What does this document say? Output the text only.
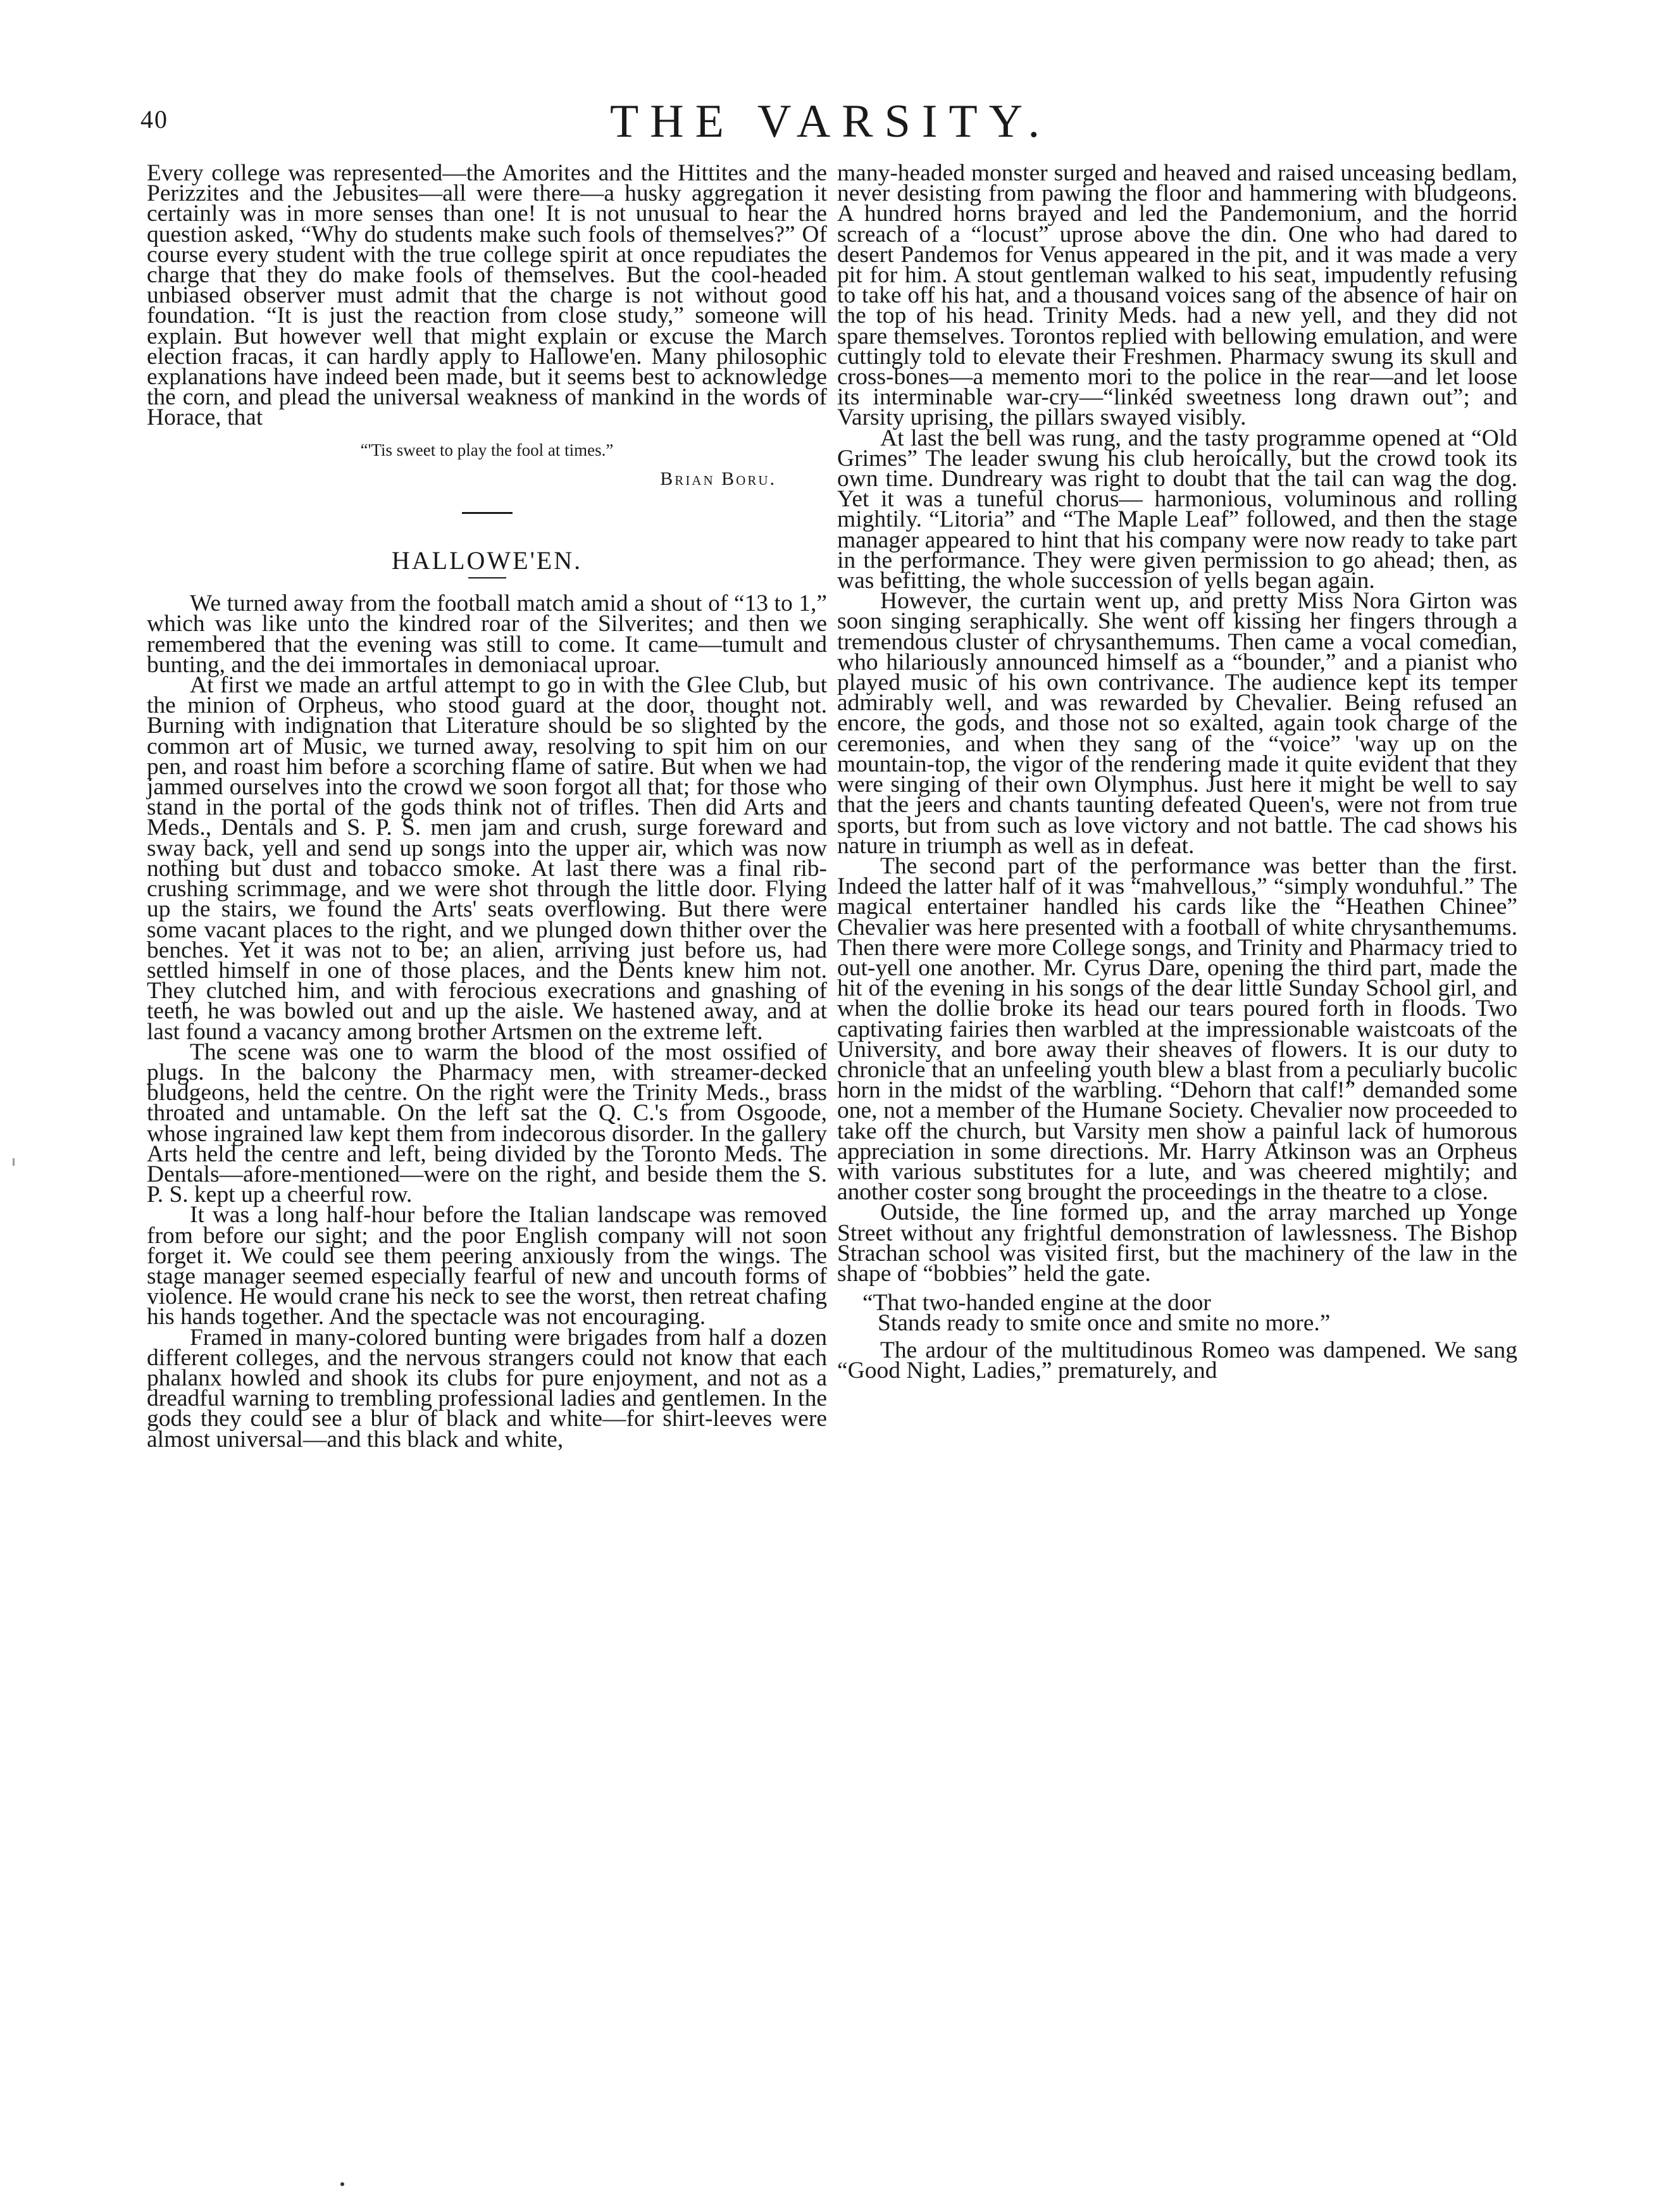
40	THE VARSITY.

Every college was represented—the Amorites and the Hittites and the Perizzites and the Jebusites—all were there—a husky aggregation it certainly was in more senses than one! It is not unusual to hear the question asked, “Why do students make such fools of themselves?” Of course every student with the true college spirit at once repudiates the charge that they do make fools of themselves. But the cool-headed unbiased observer must admit that the charge is not without good foundation. “It is just the reaction from close study,” someone will explain. But however well that might explain or excuse the March election fracas, it can hardly apply to Hallowe'en. Many philosophic explanations have indeed been made, but it seems best to acknowledge the corn, and plead the universal weakness of mankind in the words of Horace, that

“'Tis sweet to play the fool at times.”
Brian Boru.
HALLOWE'EN.

We turned away from the football match amid a shout of “13 to 1,” which was like unto the kindred roar of the Silverites; and then we remembered that the evening was still to come. It came—tumult and bunting, and the dei immortales in demoniacal uproar.

At first we made an artful attempt to go in with the Glee Club, but the minion of Orpheus, who stood guard at the door, thought not. Burning with indignation that Literature should be so slighted by the common art of Music, we turned away, resolving to spit him on our pen, and roast him before a scorching flame of satire. But when we had jammed ourselves into the crowd we soon forgot all that; for those who stand in the portal of the gods think not of trifles. Then did Arts and Meds., Dentals and S. P. S. men jam and crush, surge foreward and sway back, yell and send up songs into the upper air, which was now nothing but dust and tobacco smoke. At last there was a final rib-crushing scrimmage, and we were shot through the little door. Flying up the stairs, we found the Arts' seats overflowing. But there were some vacant places to the right, and we plunged down thither over the benches. Yet it was not to be; an alien, arriving just before us, had settled himself in one of those places, and the Dents knew him not. They clutched him, and with ferocious execrations and gnashing of teeth, he was bowled out and up the aisle. We hastened away, and at last found a vacancy among brother Artsmen on the extreme left.

The scene was one to warm the blood of the most ossified of plugs. In the balcony the Pharmacy men, with streamer-decked bludgeons, held the centre. On the right were the Trinity Meds., brass throated and untamable. On the left sat the Q. C.'s from Osgoode, whose ingrained law kept them from indecorous disorder. In the gallery Arts held the centre and left, being divided by the Toronto Meds. The Dentals—afore-mentioned—were on the right, and beside them the S. P. S. kept up a cheerful row.

It was a long half-hour before the Italian landscape was removed from before our sight; and the poor English company will not soon forget it. We could see them peering anxiously from the wings. The stage manager seemed especially fearful of new and uncouth forms of violence. He would crane his neck to see the worst, then retreat chafing his hands together. And the spectacle was not encouraging.

Framed in many-colored bunting were brigades from half a dozen different colleges, and the nervous strangers could not know that each phalanx howled and shook its clubs for pure enjoyment, and not as a dreadful warning to trembling professional ladies and gentlemen. In the gods they could see a blur of black and white—for shirt-leeves were almost universal—and this black and white,

many-headed monster surged and heaved and raised unceasing bedlam, never desisting from pawing the floor and hammering with bludgeons. A hundred horns brayed and led the Pandemonium, and the horrid screach of a “locust” uprose above the din. One who had dared to desert Pandemos for Venus appeared in the pit, and it was made a very pit for him. A stout gentleman walked to his seat, impudently refusing to take off his hat, and a thousand voices sang of the absence of hair on the top of his head. Trinity Meds. had a new yell, and they did not spare themselves. Torontos replied with bellowing emulation, and were cuttingly told to elevate their Freshmen. Pharmacy swung its skull and cross-bones—a memento mori to the police in the rear—and let loose its interminable war-cry—“linkéd sweetness long drawn out”; and Varsity uprising, the pillars swayed visibly.

At last the bell was rung, and the tasty programme opened at “Old Grimes” The leader swung his club heroically, but the crowd took its own time. Dundreary was right to doubt that the tail can wag the dog. Yet it was a tuneful chorus— harmonious, voluminous and rolling mightily. “Litoria” and “The Maple Leaf” followed, and then the stage manager appeared to hint that his company were now ready to take part in the performance. They were given permission to go ahead; then, as was befitting, the whole succession of yells began again.

However, the curtain went up, and pretty Miss Nora Girton was soon singing seraphically. She went off kissing her fingers through a tremendous cluster of chrysanthemums. Then came a vocal comedian, who hilariously announced himself as a “bounder,” and a pianist who played music of his own contrivance. The audience kept its temper admirably well, and was rewarded by Chevalier. Being refused an encore, the gods, and those not so exalted, again took charge of the ceremonies, and when they sang of the “voice” 'way up on the mountain-top, the vigor of the rendering made it quite evident that they were singing of their own Olymphus. Just here it might be well to say that the jeers and chants taunting defeated Queen's, were not from true sports, but from such as love victory and not battle. The cad shows his nature in triumph as well as in defeat.

The second part of the performance was better than the first. Indeed the latter half of it was “mahvellous,” “simply wonduhful.” The magical entertainer handled his cards like the “Heathen Chinee” Chevalier was here presented with a football of white chrysanthemums. Then there were more College songs, and Trinity and Pharmacy tried to out-yell one another. Mr. Cyrus Dare, opening the third part, made the hit of the evening in his songs of the dear little Sunday School girl, and when the dollie broke its head our tears poured forth in floods. Two captivating fairies then warbled at the impressionable waistcoats of the University, and bore away their sheaves of flowers. It is our duty to chronicle that an unfeeling youth blew a blast from a peculiarly bucolic horn in the midst of the warbling. “Dehorn that calf!” demanded some one, not a member of the Humane Society. Chevalier now proceeded to take off the church, but Varsity men show a painful lack of humorous appreciation in some directions. Mr. Harry Atkinson was an Orpheus with various substitutes for a lute, and was cheered mightily; and another coster song brought the proceedings in the theatre to a close.

Outside, the line formed up, and the array marched up Yonge Street without any frightful demonstration of lawlessness. The Bishop Strachan school was visited first, but the machinery of the law in the shape of “bobbies” held the gate.

“That two-handed engine at the door
Stands ready to smite once and smite no more.”

The ardour of the multitudinous Romeo was dampened. We sang “Good Night, Ladies,” prematurely, and
